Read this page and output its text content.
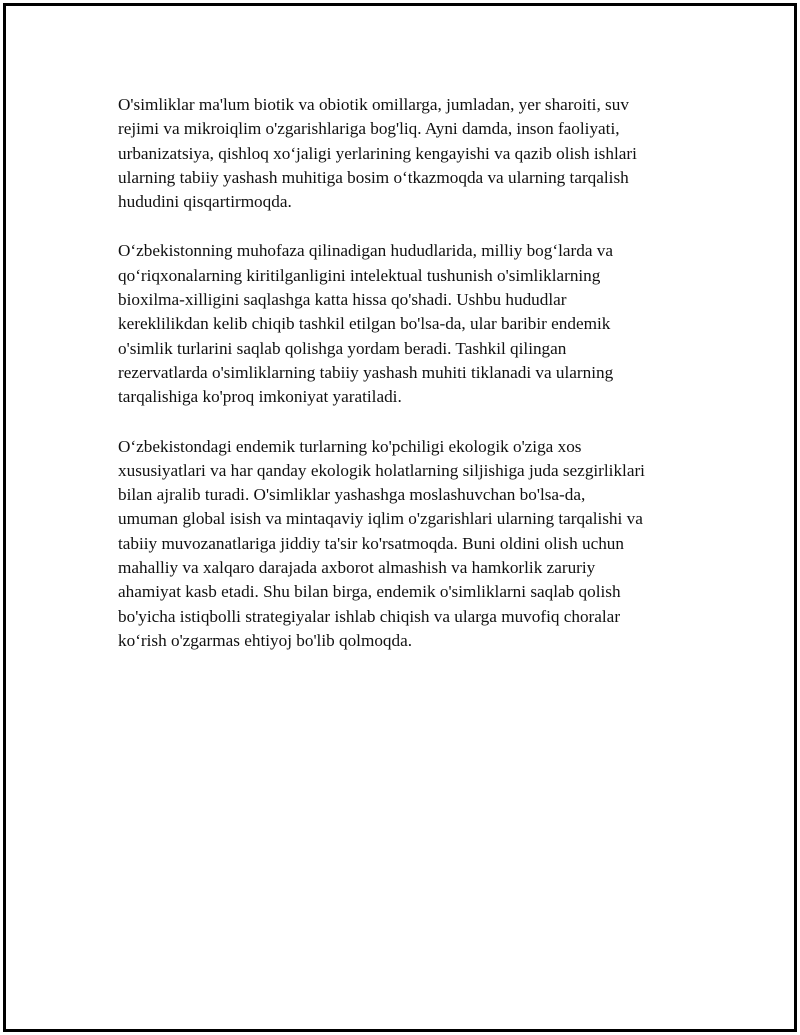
O'simliklar ma'lum biotik va obiotik omillarga, jumladan, yer sharoiti, suv
rejimi va mikroiqlim o'zgarishlariga bog'liq. Ayni damda, inson faoliyati,
urbanizatsiya, qishloq xo‘jaligi yerlarining kengayishi va qazib olish ishlari
ularning tabiiy yashash muhitiga bosim o‘tkazmoqda va ularning tarqalish
hududini qisqartirmoqda.

O‘zbekistonning muhofaza qilinadigan hududlarida, milliy bog‘larda va
qo‘riqxonalarning kiritilganligini intelektual tushunish o'simliklarning
bioxilma-xilligini saqlashga katta hissa qo'shadi. Ushbu hududlar
kereklilikdan kelib chiqib tashkil etilgan bo'lsa-da, ular baribir endemik
o'simlik turlarini saqlab qolishga yordam beradi. Tashkil qilingan
rezervatlarda o'simliklarning tabiiy yashash muhiti tiklanadi va ularning
tarqalishiga ko'proq imkoniyat yaratiladi.

O‘zbekistondagi endemik turlarning ko'pchiligi ekologik o'ziga xos
xususiyatlari va har qanday ekologik holatlarning siljishiga juda sezgirliklari
bilan ajralib turadi. O'simliklar yashashga moslashuvchan bo'lsa-da,
umuman global isish va mintaqaviy iqlim o'zgarishlari ularning tarqalishi va
tabiiy muvozanatlariga jiddiy ta'sir ko'rsatmoqda. Buni oldini olish uchun
mahalliy va xalqaro darajada axborot almashish va hamkorlik zaruriy
ahamiyat kasb etadi. Shu bilan birga, endemik o'simliklarni saqlab qolish
bo'yicha istiqbolli strategiyalar ishlab chiqish va ularga muvofiq choralar
ko‘rish o'zgarmas ehtiyoj bo'lib qolmoqda.
